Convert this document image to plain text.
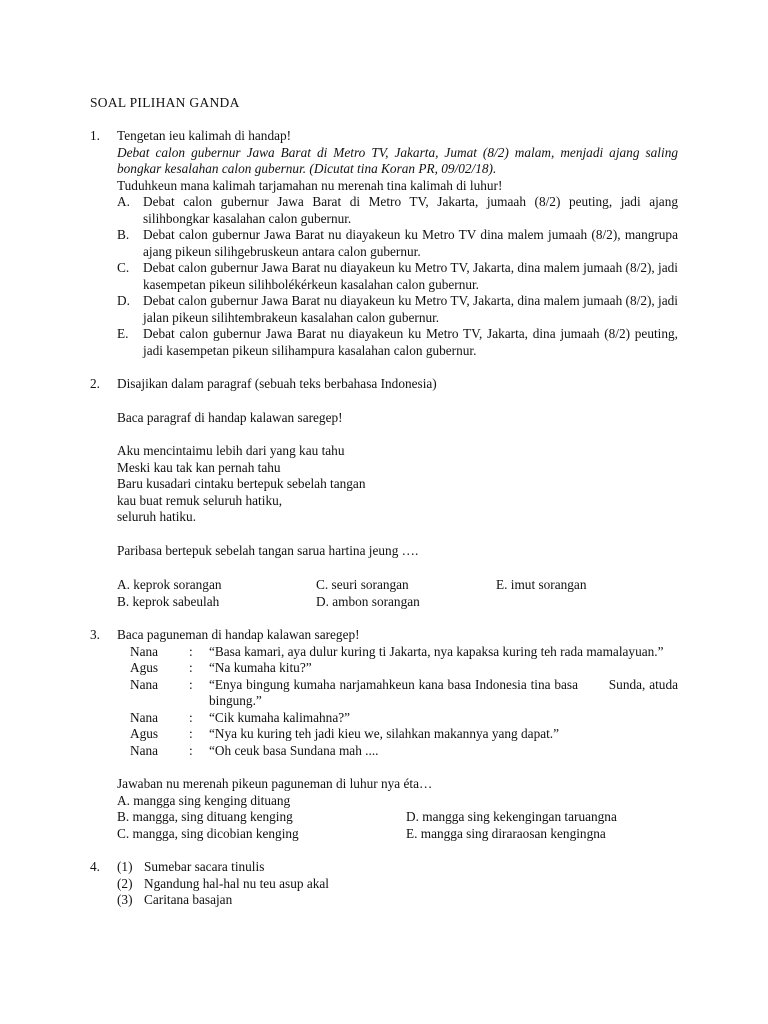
SOAL PILIHAN GANDA
1. Tengetan ieu kalimah di handap!
Debat calon gubernur Jawa Barat di Metro TV, Jakarta, Jumat (8/2) malam, menjadi ajang saling bongkar kesalahan calon gubernur. (Dicutat tina Koran PR, 09/02/18).
Tuduhkeun mana kalimah tarjamahan nu merenah tina kalimah di luhur!
A. Debat calon gubernur Jawa Barat di Metro TV, Jakarta, jumaah (8/2) peuting, jadi ajang silihbongkar kasalahan calon gubernur.
B. Debat calon gubernur Jawa Barat nu diayakeun ku Metro TV dina malem jumaah (8/2), mangrupa ajang pikeun silihgebruskeun antara calon gubernur.
C. Debat calon gubernur Jawa Barat nu diayakeun ku Metro TV, Jakarta, dina malem jumaah (8/2), jadi kasempetan pikeun silihbolékérkeun kasalahan calon gubernur.
D. Debat calon gubernur Jawa Barat nu diayakeun ku Metro TV, Jakarta, dina malem jumaah (8/2), jadi jalan pikeun silihtembrakeun kasalahan calon gubernur.
E. Debat calon gubernur Jawa Barat nu diayakeun ku Metro TV, Jakarta, dina jumaah (8/2) peuting, jadi kasempetan pikeun silihampura kasalahan calon gubernur.
2. Disajikan dalam paragraf (sebuah teks berbahasa Indonesia)
Baca paragraf di handap kalawan saregep!
Aku mencintaimu lebih dari yang kau tahu
Meski kau tak kan pernah tahu
Baru kusadari cintaku bertepuk sebelah tangan
kau buat remuk seluruh hatiku,
seluruh hatiku.
Paribasa bertepuk sebelah tangan sarua hartina jeung ….
A. keprok sorangan	C. seuri sorangan	E. imut sorangan
B. keprok sabeulah	D. ambon sorangan
3. Baca paguneman di handap kalawan saregep!
Nana	:	“Basa kamari, aya dulur kuring ti Jakarta, nya kapaksa kuring teh rada mamalayuan.”
Agus	:	“Na kumaha kitu?”
Nana	:	“Enya bingung kumaha narjamahkeun kana basa Indonesia tina basa        Sunda, atuda bingung.”
Nana	:	“Cik kumaha kalimahna?”
Agus	:	“Nya ku kuring teh jadi kieu we, silahkan makannya yang dapat.”
Nana	:	“Oh ceuk basa Sundana mah ....
Jawaban nu merenah pikeun paguneman di luhur nya éta…
A. mangga sing kenging dituang
B. mangga, sing dituang kenging	D. mangga sing kekengingan taruangna
C. mangga, sing dicobian kenging	E. mangga sing diraraosan kengingna
4. (1) Sumebar sacara tinulis
(2) Ngandung hal-hal nu teu asup akal
(3) Caritana basajan
